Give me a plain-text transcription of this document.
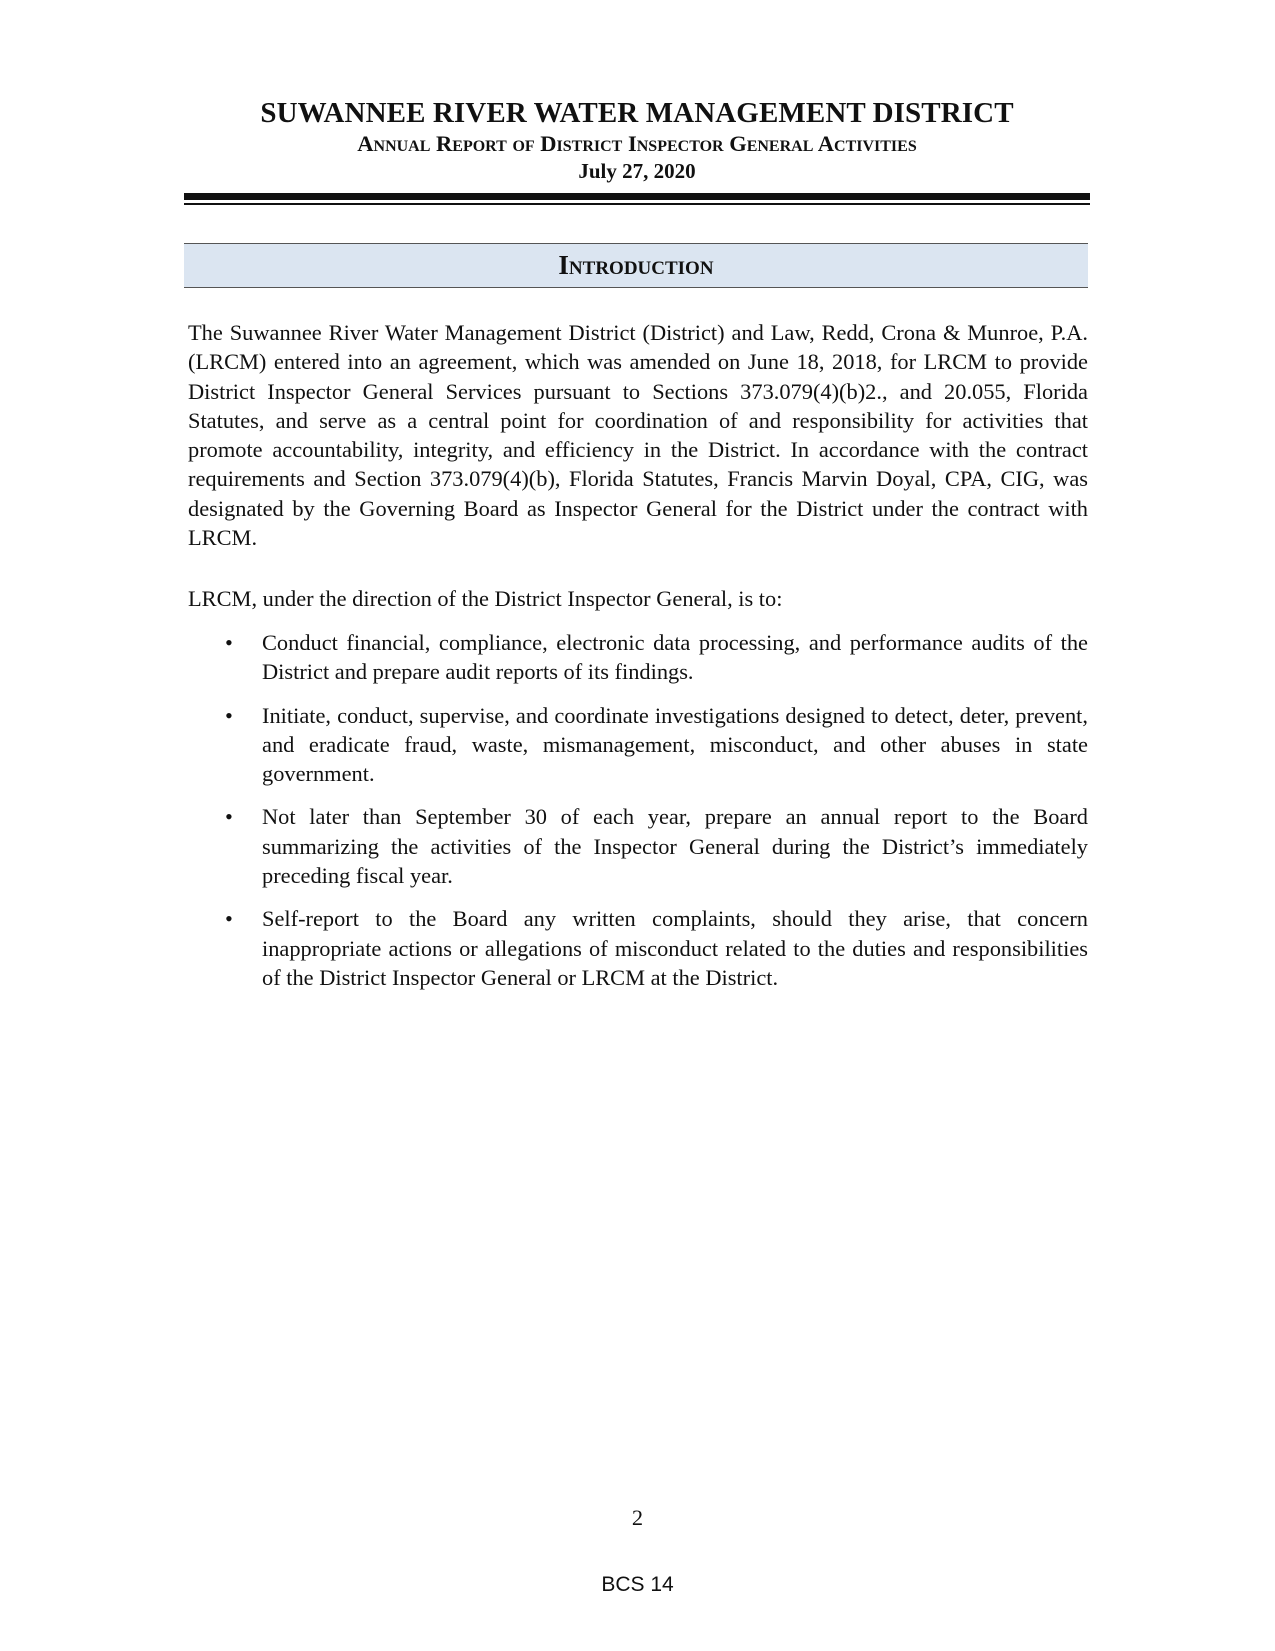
SUWANNEE RIVER WATER MANAGEMENT DISTRICT
Annual Report of District Inspector General Activities
July 27, 2020
Introduction
The Suwannee River Water Management District (District) and Law, Redd, Crona & Munroe, P.A. (LRCM) entered into an agreement, which was amended on June 18, 2018, for LRCM to provide District Inspector General Services pursuant to Sections 373.079(4)(b)2., and 20.055, Florida Statutes, and serve as a central point for coordination of and responsibility for activities that promote accountability, integrity, and efficiency in the District. In accordance with the contract requirements and Section 373.079(4)(b), Florida Statutes, Francis Marvin Doyal, CPA, CIG, was designated by the Governing Board as Inspector General for the District under the contract with LRCM.
LRCM, under the direction of the District Inspector General, is to:
• Conduct financial, compliance, electronic data processing, and performance audits of the District and prepare audit reports of its findings.
• Initiate, conduct, supervise, and coordinate investigations designed to detect, deter, prevent, and eradicate fraud, waste, mismanagement, misconduct, and other abuses in state government.
• Not later than September 30 of each year, prepare an annual report to the Board summarizing the activities of the Inspector General during the District’s immediately preceding fiscal year.
• Self-report to the Board any written complaints, should they arise, that concern inappropriate actions or allegations of misconduct related to the duties and responsibilities of the District Inspector General or LRCM at the District.
2
BCS 14
